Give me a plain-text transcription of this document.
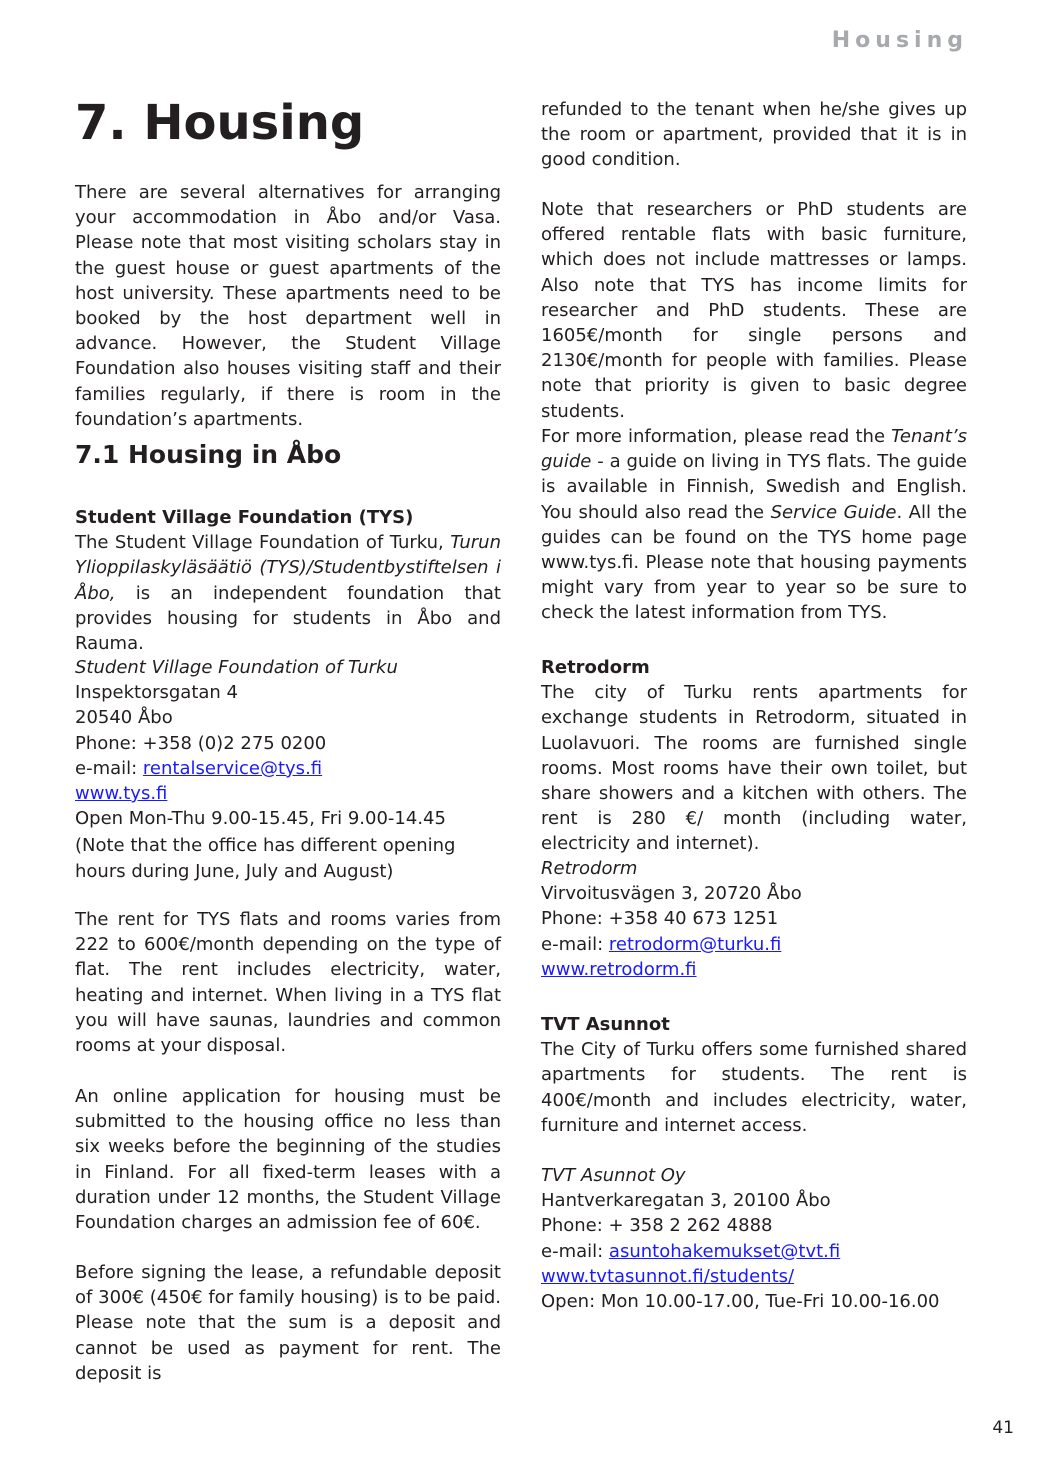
Housing
7. Housing

There are several alternatives for arranging your accommodation in Åbo and/or Vasa. Please note that most visiting scholars stay in the guest house or guest apartments of the host university. These apartments need to be booked by the host department well in advance. However, the Student Village Foundation also houses visiting staff and their families regularly, if there is room in the foundation’s apartments.

7.1 Housing in Åbo

Student Village Foundation (TYS)

The Student Village Foundation of Turku, Turun Ylioppilaskyläsäätiö (TYS)/Studentbystiftelsen i Åbo, is an independent foundation that provides housing for students in Åbo and Rauma.

Student Village Foundation of Turku

Inspektorsgatan 4

20540 Åbo

Phone: +358 (0)2 275 0200

e-mail: rentalservice@tys.fi

www.tys.fi

Open Mon-Thu 9.00-15.45, Fri 9.00-14.45

(Note that the office has different opening hours during June, July and August)

The rent for TYS flats and rooms varies from 222 to 600€/month depending on the type of flat. The rent includes electricity, water, heating and internet. When living in a TYS flat you will have saunas, laundries and common rooms at your disposal.

An online application for housing must be submitted to the housing office no less than six weeks before the beginning of the studies in Finland. For all fixed-term leases with a duration under 12 months, the Student Village Foundation charges an admission fee of 60€.

Before signing the lease, a refundable deposit of 300€ (450€ for family housing) is to be paid. Please note that the sum is a deposit and cannot be used as payment for rent. The deposit is

refunded to the tenant when he/she gives up the room or apartment, provided that it is in good condition.

Note that researchers or PhD students are offered rentable flats with basic furniture, which does not include mattresses or lamps. Also note that TYS has income limits for researcher and PhD students. These are 1605€/month for single persons and 2130€/month for people with families. Please note that priority is given to basic degree students.

For more information, please read the Tenant’s guide - a guide on living in TYS flats. The guide is available in Finnish, Swedish and English. You should also read the Service Guide. All the guides can be found on the TYS home page www.tys.fi. Please note that housing payments might vary from year to year so be sure to check the latest information from TYS.

Retrodorm

The city of Turku rents apartments for exchange students in Retrodorm, situated in Luolavuori. The rooms are furnished single rooms. Most rooms have their own toilet, but share showers and a kitchen with others. The rent is 280 €/ month (including water, electricity and internet).

Retrodorm

Virvoitusvägen 3, 20720 Åbo

Phone: +358 40 673 1251

e-mail: retrodorm@turku.fi

www.retrodorm.fi

TVT Asunnot

The City of Turku offers some furnished shared apartments for students. The rent is 400€/month and includes electricity, water, furniture and internet access.

TVT Asunnot Oy

Hantverkaregatan 3, 20100 Åbo

Phone: + 358 2 262 4888

e-mail: asuntohakemukset@tvt.fi

www.tvtasunnot.fi/students/

Open: Mon 10.00-17.00, Tue-Fri 10.00-16.00

41
